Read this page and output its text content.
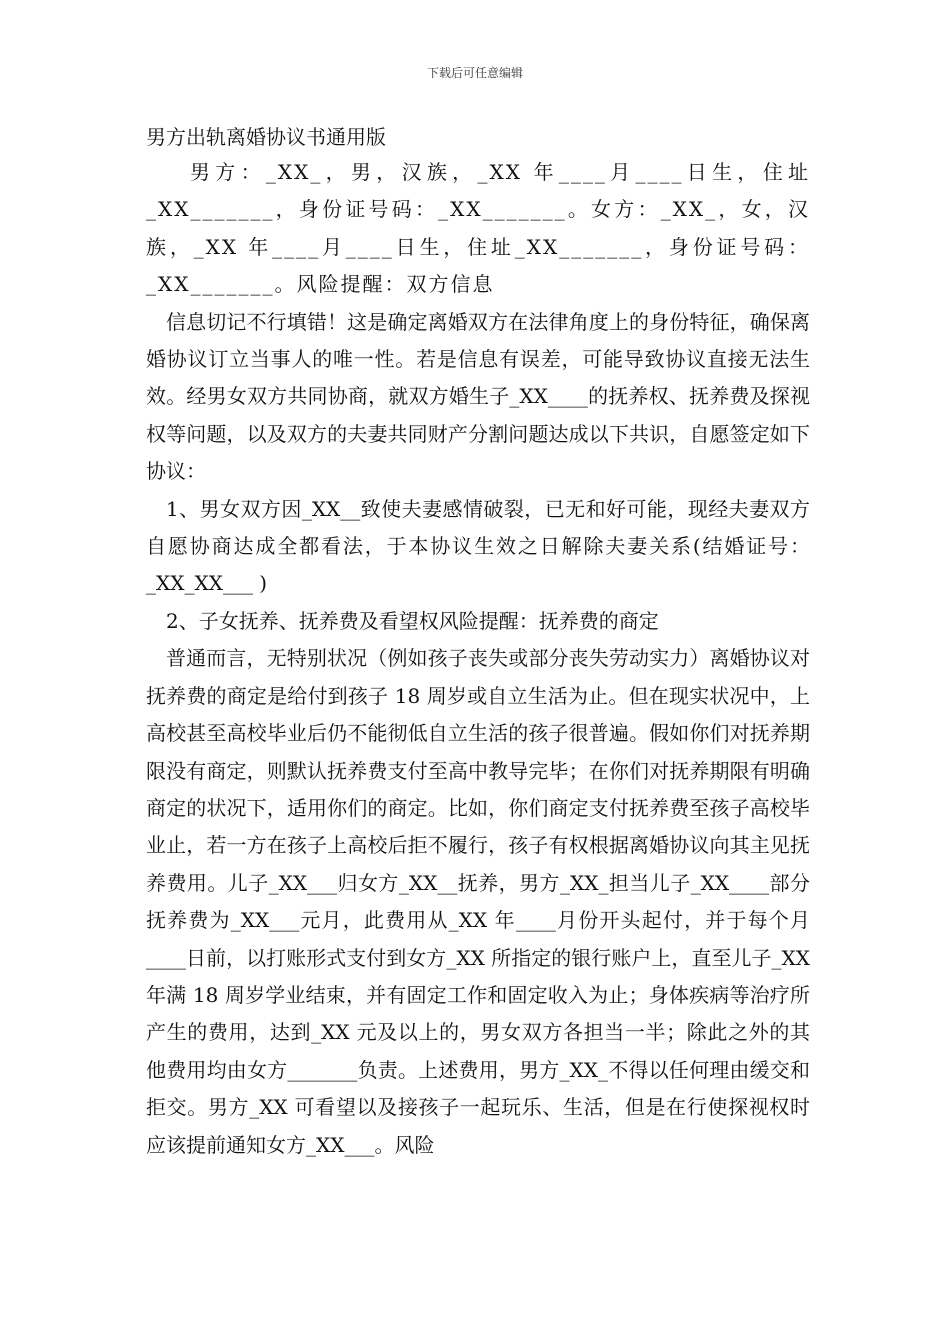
下载后可任意编辑

男方出轨离婚协议书通用版

男方：_XX_，男，汉族，_XX 年____月____日生，住址_XX_______，身份证号码：_XX_______。女方：_XX_，女，汉族，_XX 年____月____日生，住址_XX_______，身份证号码：_XX_______。风险提醒：双方信息

信息切记不行填错！这是确定离婚双方在法律角度上的身份特征，确保离婚协议订立当事人的唯一性。若是信息有误差，可能导致协议直接无法生效。经男女双方共同协商，就双方婚生子_XX____的抚养权、抚养费及探视权等问题，以及双方的夫妻共同财产分割问题达成以下共识，自愿签定如下协议：

1、男女双方因_XX__致使夫妻感情破裂，已无和好可能，现经夫妻双方自愿协商达成全都看法，于本协议生效之日解除夫妻关系(结婚证号：_XX_XX___ )

2、子女抚养、抚养费及看望权风险提醒：抚养费的商定

普通而言，无特别状况（例如孩子丧失或部分丧失劳动实力）离婚协议对抚养费的商定是给付到孩子 18 周岁或自立生活为止。但在现实状况中，上高校甚至高校毕业后仍不能彻低自立生活的孩子很普遍。假如你们对抚养期限没有商定，则默认抚养费支付至高中教导完毕；在你们对抚养期限有明确商定的状况下，适用你们的商定。比如，你们商定支付抚养费至孩子高校毕业止，若一方在孩子上高校后拒不履行，孩子有权根据离婚协议向其主见抚养费用。儿子_XX___归女方_XX__抚养，男方_XX_担当儿子_XX____部分抚养费为_XX___元月，此费用从_XX 年____月份开头起付，并于每个月____日前，以打账形式支付到女方_XX 所指定的银行账户上，直至儿子_XX 年满 18 周岁学业结束，并有固定工作和固定收入为止；身体疾病等治疗所产生的费用，达到_XX 元及以上的，男女双方各担当一半；除此之外的其他费用均由女方_______负责。上述费用，男方_XX_不得以任何理由缓交和拒交。男方_XX 可看望以及接孩子一起玩乐、生活，但是在行使探视权时应该提前通知女方_XX___。风险
